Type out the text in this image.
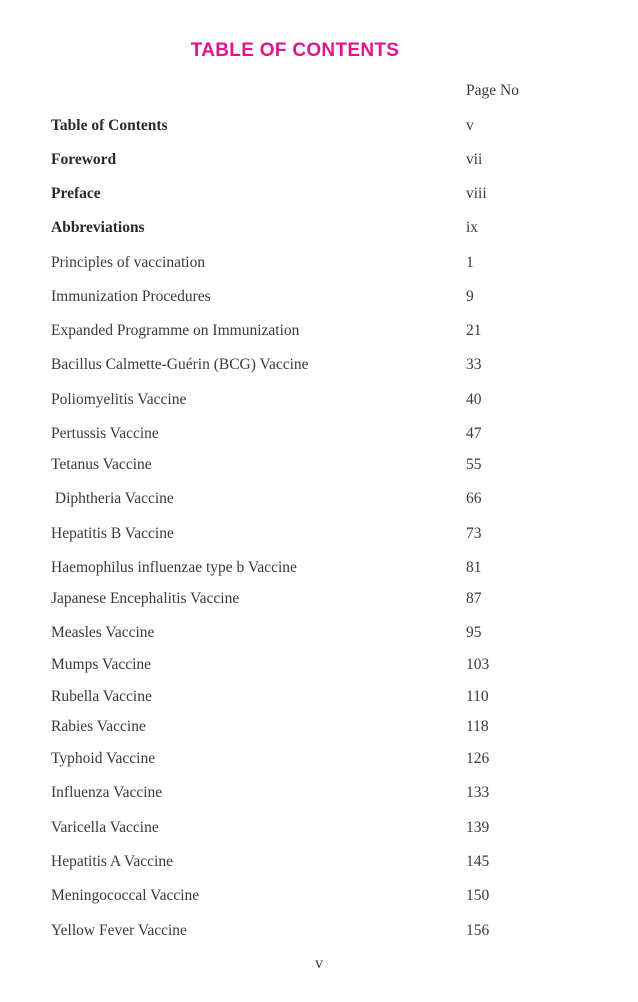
TABLE OF CONTENTS
Page No
Table of Contents	v
Foreword	vii
Preface	viii
Abbreviations	ix
Principles of vaccination	1
Immunization Procedures	9
Expanded Programme on Immunization	21
Bacillus Calmette-Guérin (BCG) Vaccine	33
Poliomyelitis Vaccine	40
Pertussis Vaccine	47
Tetanus Vaccine	55
Diphtheria Vaccine	66
Hepatitis B Vaccine	73
Haemophilus influenzae type b Vaccine	81
Japanese Encephalitis Vaccine	87
Measles Vaccine	95
Mumps Vaccine	103
Rubella Vaccine	110
Rabies Vaccine	118
Typhoid Vaccine	126
Influenza Vaccine	133
Varicella Vaccine	139
Hepatitis A Vaccine	145
Meningococcal Vaccine	150
Yellow Fever Vaccine	156
v
